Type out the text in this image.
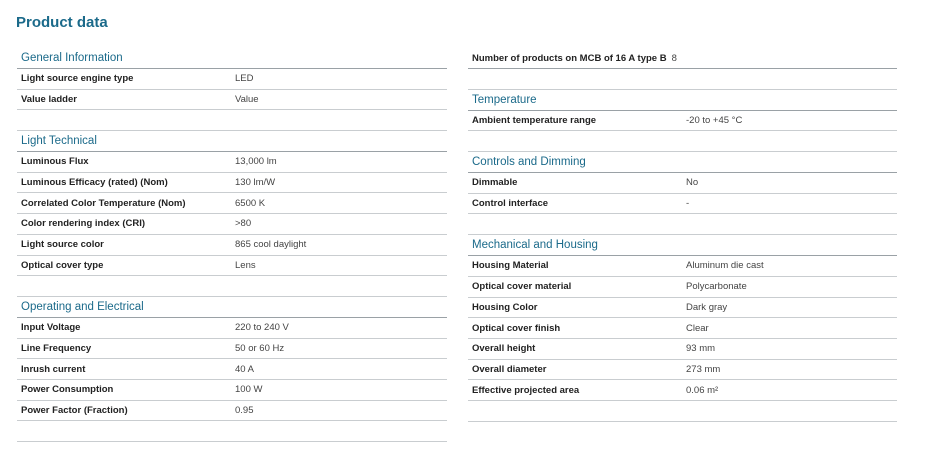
Product data
General Information
Light source engine type	LED
Value ladder	Value
Light Technical
Luminous Flux	13,000 lm
Luminous Efficacy (rated) (Nom)	130 lm/W
Correlated Color Temperature (Nom)	6500 K
Color rendering index (CRI)	>80
Light source color	865 cool daylight
Optical cover type	Lens
Operating and Electrical
Input Voltage	220 to 240 V
Line Frequency	50 or 60 Hz
Inrush current	40 A
Power Consumption	100 W
Power Factor (Fraction)	0.95
Number of products on MCB of 16 A type B 8
Temperature
Ambient temperature range	-20 to +45 °C
Controls and Dimming
Dimmable	No
Control interface	-
Mechanical and Housing
Housing Material	Aluminum die cast
Optical cover material	Polycarbonate
Housing Color	Dark gray
Optical cover finish	Clear
Overall height	93 mm
Overall diameter	273 mm
Effective projected area	0.06 m²
